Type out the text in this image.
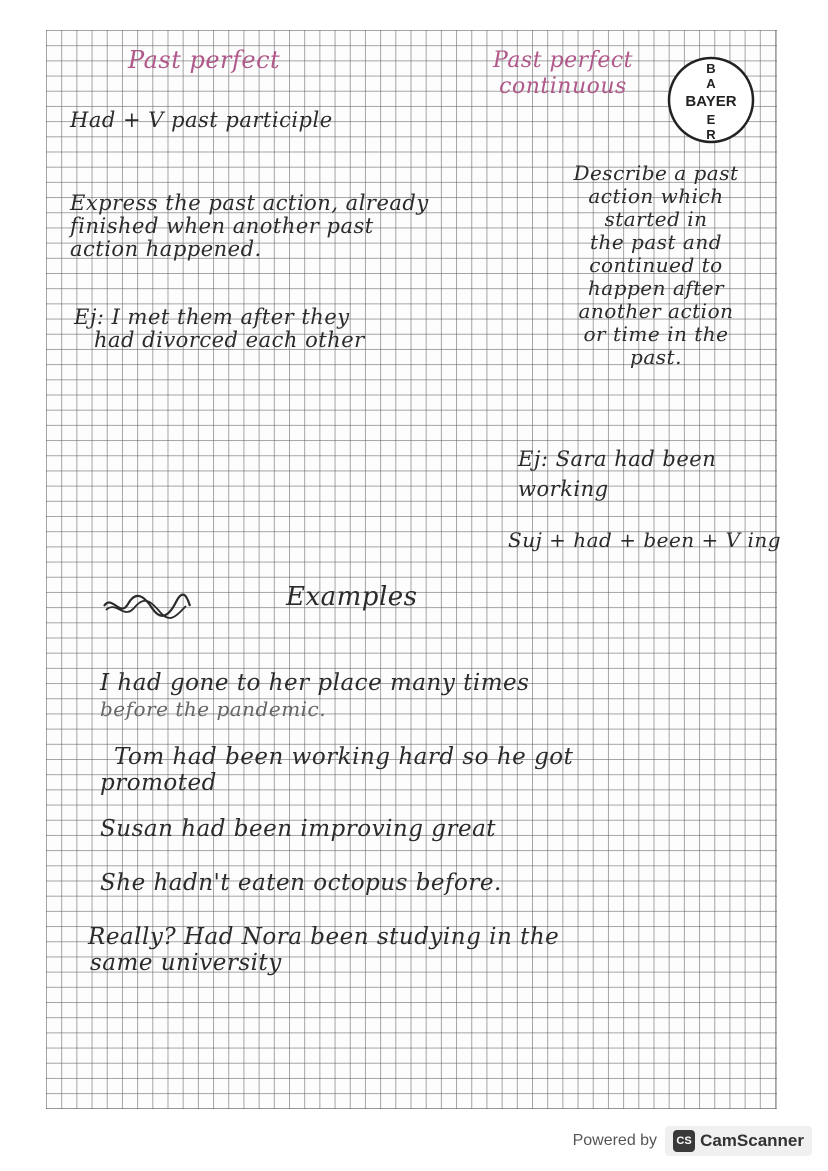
Past perfect	Past perfect continuous

B
A
BAYER
E
R

Had + V past participle

Express the past action, already
finished when another past
action happened.
Ej: I met them after they
had divorced each other
Describe a past
action which
started in
the past and
continued to
happen after
another action
or time in the
past.
Ej: Sara had been
working

Suj + had + been + V ing

Examples

I had gone to her place many times
before the pandemic.
Tom had been working hard so he got
promoted
Susan had been improving great
She hadn't eaten octopus before.
Really? Had Nora been studying in the
same university
Powered by	CS CamScanner
